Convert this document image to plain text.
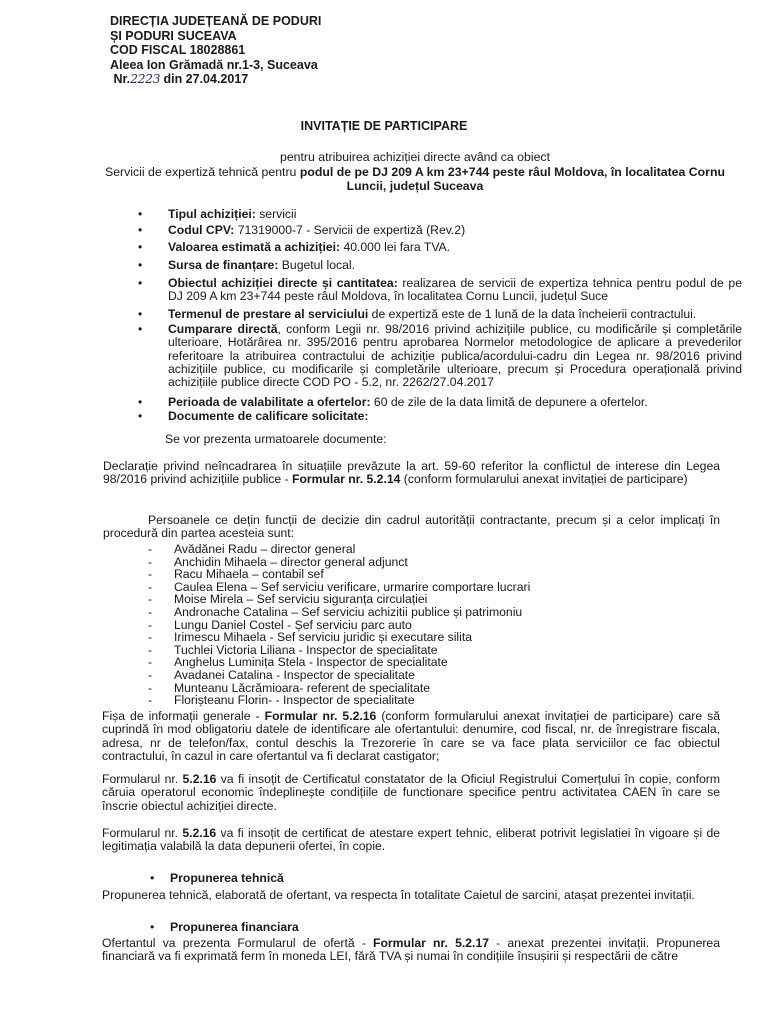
DIRECȚIA JUDEȚEANĂ DE PODURI
ȘI PODURI SUCEAVA
COD FISCAL 18028861
Aleea Ion Grămadă nr.1-3, Suceava
Nr.2223 din 27.04.2017
INVITAȚIE DE PARTICIPARE
pentru atribuirea achiziției directe având ca obiect
Servicii de expertiză tehnică pentru podul de pe DJ 209 A km 23+744 peste râul Moldova, în localitatea Cornu Luncii, județul Suceava
• Tipul achiziției: servicii
• Codul CPV: 71319000-7 - Servicii de expertiză (Rev.2)
• Valoarea estimată a achiziției: 40.000 lei fara TVA.
• Sursa de finanțare: Bugetul local.
• Obiectul achiziției directe și cantitatea: realizarea de servicii de expertiza tehnica pentru podul de pe DJ 209 A km 23+744 peste râul Moldova, în localitatea Cornu Luncii, județul Suce
• Termenul de prestare al serviciului de expertiză este de 1 lună de la data încheierii contractului.
• Cumparare directă, conform Legii nr. 98/2016 privind achizițiile publice, cu modificările și completările ulterioare, Hotărârea nr. 395/2016 pentru aprobarea Normelor metodologice de aplicare a prevederilor referitoare la atribuirea contractului de achiziție publica/acordului-cadru din Legea nr. 98/2016 privind achizițiile publice, cu modificarile și completările ulterioare, precum și Procedura operațională privind achizițiile publice directe COD PO - 5.2, nr. 2262/27.04.2017
• Perioada de valabilitate a ofertelor: 60 de zile de la data limită de depunere a ofertelor.
• Documente de calificare solicitate:
Se vor prezenta urmatoarele documente:
Declarație privind neîncadrarea în situațiile prevăzute la art. 59-60 referitor la conflictul de interese din Legea 98/2016 privind achizițiile publice - Formular nr. 5.2.14 (conform formularului anexat invitației de participare)
Persoanele ce dețin funcții de decizie din cadrul autorității contractante, precum și a celor implicați în procedură din partea acesteia sunt:
- Avădănei Radu – director general
- Anchidin Mihaela – director general adjunct
- Racu Mihaela – contabil sef
- Caulea Elena – Sef serviciu verificare, urmarire comportare lucrari
- Moise Mirela – Sef serviciu siguranța circulației
- Andronache Catalina – Sef serviciu achizitii publice și patrimoniu
- Lungu Daniel Costel - Șef serviciu parc auto
- Irimescu Mihaela - Sef serviciu juridic și executare silita
- Tuchlei Victoria Liliana - Inspector de specialitate
- Anghelus Luminița Stela - Inspector de specialitate
- Avadanei Catalina - Inspector de specialitate
- Munteanu Lăcrămioara- referent de specialitate
- Florișteanu Florin- - Inspector de specialitate
Fișa de informații generale - Formular nr. 5.2.16 (conform formularului anexat invitației de participare) care să cuprindă în mod obligatoriu datele de identificare ale ofertantului: denumire, cod fiscal, nr. de înregistrare fiscala, adresa, nr de telefon/fax, contul deschis la Trezorerie în care se va face plata serviciilor ce fac obiectul contractului, în cazul in care ofertantul va fi declarat castigator;
Formularul nr. 5.2.16 va fi insoțit de Certificatul constatator de la Oficiul Registrului Comerțului în copie, conform căruia operatorul economic îndeplinește condițiile de functionare specifice pentru activitatea CAEN în care se înscrie obiectul achiziției directe.
Formularul nr. 5.2.16 va fi insoțit de certificat de atestare expert tehnic, eliberat potrivit legislatiei în vigoare și de legitimația valabilă la data depunerii ofertei, în copie.
• Propunerea tehnică
Propunerea tehnică, elaborată de ofertant, va respecta în totalitate Caietul de sarcini, atașat prezentei invitații.
• Propunerea financiara
Ofertantul va prezenta Formularul de ofertă - Formular nr. 5.2.17 - anexat prezentei invitații. Propunerea financiară va fi exprimată ferm în moneda LEI, fără TVA și numai în condițiile însușirii și respectării de către
